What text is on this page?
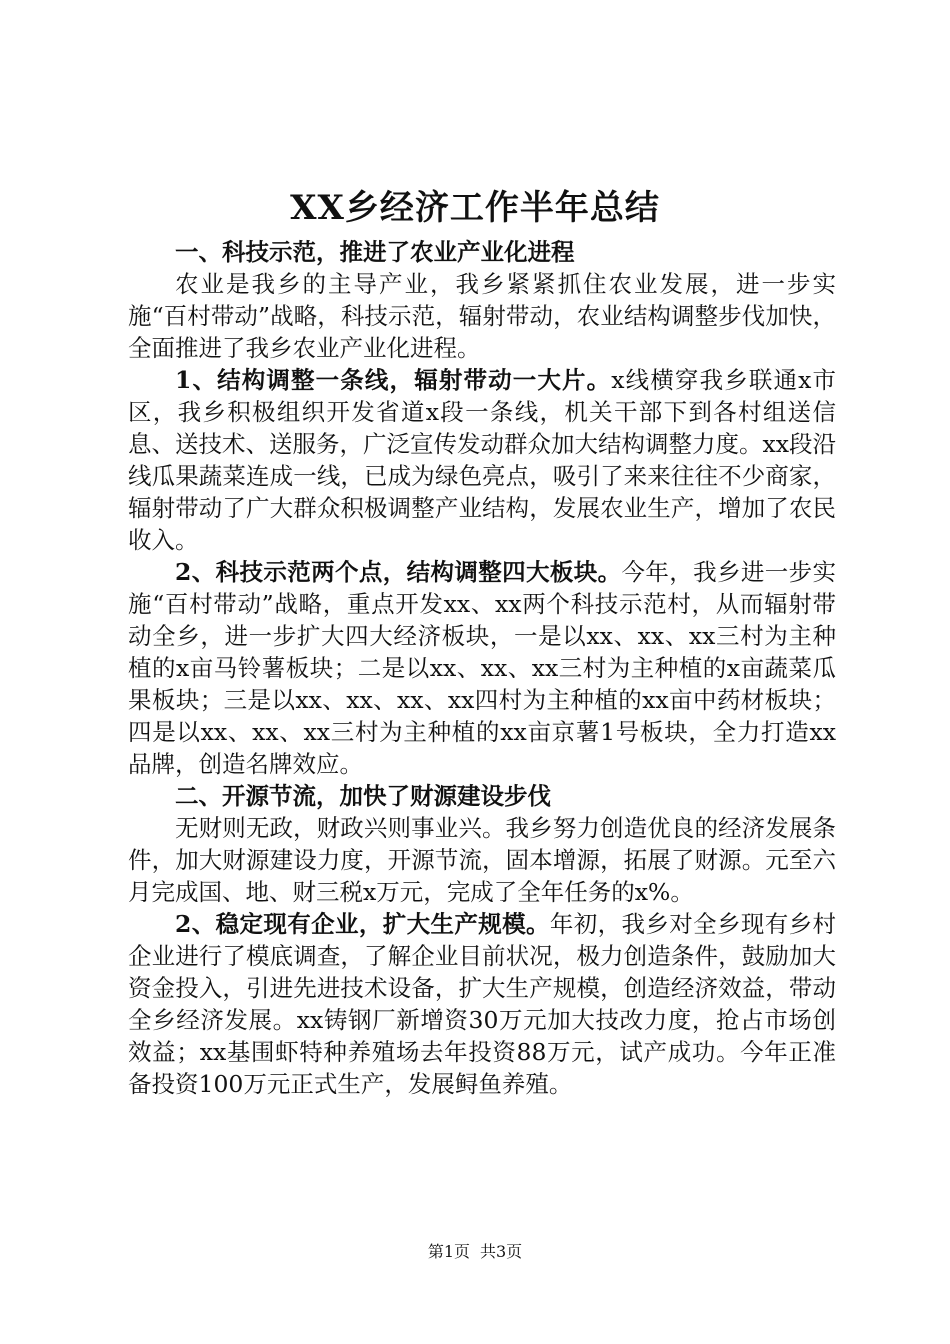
XX乡经济工作半年总结
一、科技示范，推进了农业产业化进程

农业是我乡的主导产业，我乡紧紧抓住农业发展，进一步实施“百村带动”战略，科技示范，辐射带动，农业结构调整步伐加快，全面推进了我乡农业产业化进程。

1、结构调整一条线，辐射带动一大片。x线横穿我乡联通x市区，我乡积极组织开发省道x段一条线，机关干部下到各村组送信息、送技术、送服务，广泛宣传发动群众加大结构调整力度。xx段沿线瓜果蔬菜连成一线，已成为绿色亮点，吸引了来来往往不少商家，辐射带动了广大群众积极调整产业结构，发展农业生产，增加了农民收入。

2、科技示范两个点，结构调整四大板块。今年，我乡进一步实施“百村带动”战略，重点开发xx、xx两个科技示范村，从而辐射带动全乡，进一步扩大四大经济板块，一是以xx、xx、xx三村为主种植的x亩马铃薯板块；二是以xx、xx、xx三村为主种植的x亩蔬菜瓜果板块；三是以xx、xx、xx、xx四村为主种植的xx亩中药材板块；四是以xx、xx、xx三村为主种植的xx亩京薯1号板块，全力打造xx品牌，创造名牌效应。

二、开源节流，加快了财源建设步伐

无财则无政，财政兴则事业兴。我乡努力创造优良的经济发展条件，加大财源建设力度，开源节流，固本增源，拓展了财源。元至六月完成国、地、财三税x万元，完成了全年任务的x%。

2、稳定现有企业，扩大生产规模。年初，我乡对全乡现有乡村企业进行了模底调查，了解企业目前状况，极力创造条件，鼓励加大资金投入，引进先进技术设备，扩大生产规模，创造经济效益，带动全乡经济发展。xx铸钢厂新增资30万元加大技改力度，抢占市场创效益；xx基围虾特种养殖场去年投资88万元，试产成功。今年正准备投资100万元正式生产，发展鲟鱼养殖。

第1页 共3页
